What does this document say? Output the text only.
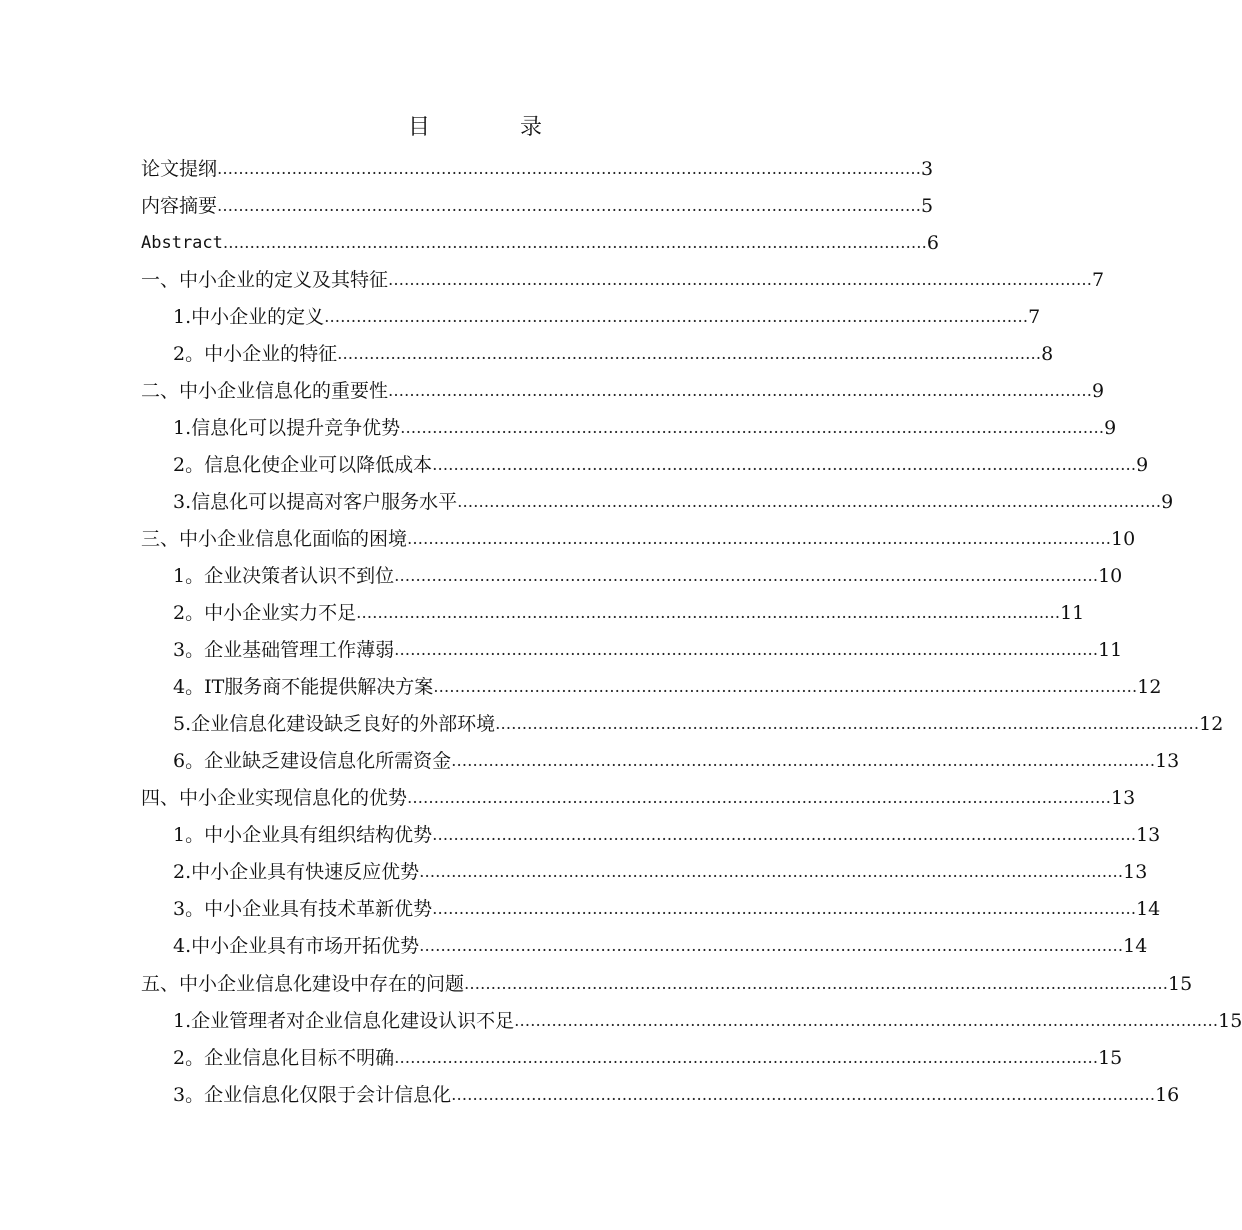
目　录
论文提纲 …………………………………………………………………………………………………………………… 3
内容摘要 …………………………………………………………………………………………………………………… 5
Abstract …………………………………………………………………………………………………………………… 6
一、中小企业的定义及其特征 …………………………………………………………………………………………………………………… 7
1.中小企业的定义 …………………………………………………………………………………………………………………… 7
2。中小企业的特征 …………………………………………………………………………………………………………………… 8
二、中小企业信息化的重要性 …………………………………………………………………………………………………………………… 9
1.信息化可以提升竞争优势 …………………………………………………………………………………………………………………… 9
2。信息化使企业可以降低成本 …………………………………………………………………………………………………………………… 9
3.信息化可以提高对客户服务水平 …………………………………………………………………………………………………………………… 9
三、中小企业信息化面临的困境 …………………………………………………………………………………………………………………… 10
1。企业决策者认识不到位 …………………………………………………………………………………………………………………… 10
2。中小企业实力不足 …………………………………………………………………………………………………………………… 11
3。企业基础管理工作薄弱 …………………………………………………………………………………………………………………… 11
4。IT服务商不能提供解决方案 …………………………………………………………………………………………………………………… 12
5.企业信息化建设缺乏良好的外部环境 …………………………………………………………………………………………………………………… 12
6。企业缺乏建设信息化所需资金 …………………………………………………………………………………………………………………… 13
四、中小企业实现信息化的优势 …………………………………………………………………………………………………………………… 13
1。中小企业具有组织结构优势 …………………………………………………………………………………………………………………… 13
2.中小企业具有快速反应优势 …………………………………………………………………………………………………………………… 13
3。中小企业具有技术革新优势 …………………………………………………………………………………………………………………… 14
4.中小企业具有市场开拓优势 …………………………………………………………………………………………………………………… 14
五、中小企业信息化建设中存在的问题 …………………………………………………………………………………………………………………… 15
1.企业管理者对企业信息化建设认识不足 …………………………………………………………………………………………………………………… 15
2。企业信息化目标不明确 …………………………………………………………………………………………………………………… 15
3。企业信息化仅限于会计信息化 …………………………………………………………………………………………………………………… 16
